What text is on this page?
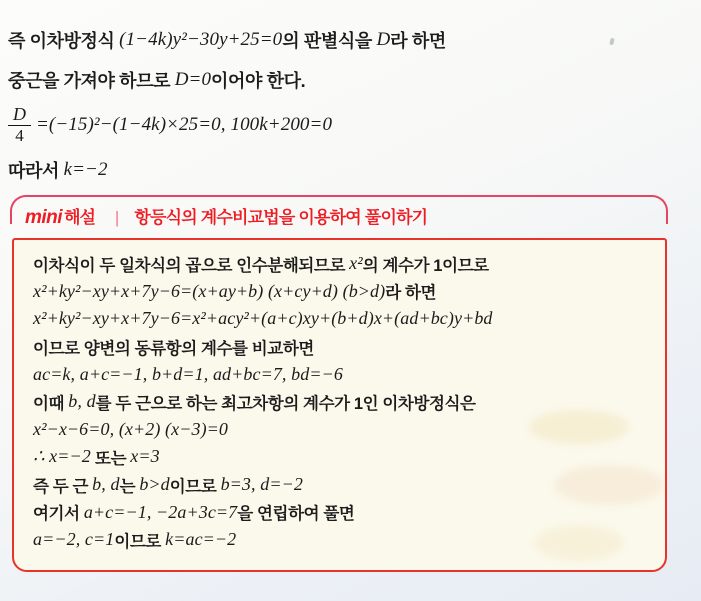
즉 이차방정식 (1−4k)y²−30y+25=0 의 판별식을 D 라 하면
중근을 가져야 하므로 D=0 이어야 한다.
$\frac{D}{4} =(-15)^2-(1-4k)\times 25=0$, 100k+200=0
따라서 k=−2
mini 해설 | 항등식의 계수비교법을 이용하여 풀이하기
이차식이 두 일차식의 곱으로 인수분해되므로 x² 의 계수가 1이므로
x²+ky²−xy+x+7y−6=(x+ay+b) (x+cy+d) (b>d) 라 하면
x²+ky²−xy+x+7y−6=x²+acy²+(a+c)xy+(b+d)x+(ad+bc)y+bd
이므로 양변의 동류항의 계수를 비교하면
ac=k, a+c=−1, b+d=1, ad+bc=7, bd=−6
이때 b, d 를 두 근으로 하는 최고차항의 계수가 1인 이차방정식은
x²−x−6=0, (x+2) (x−3)=0
∴ x=−2 또는 x=3
즉 두 근 b, d 는 b>d 이므로 b=3, d=−2
여기서 a+c=−1, −2a+3c=7 을 연립하여 풀면
a=−2, c=1 이므로 k=ac=−2
